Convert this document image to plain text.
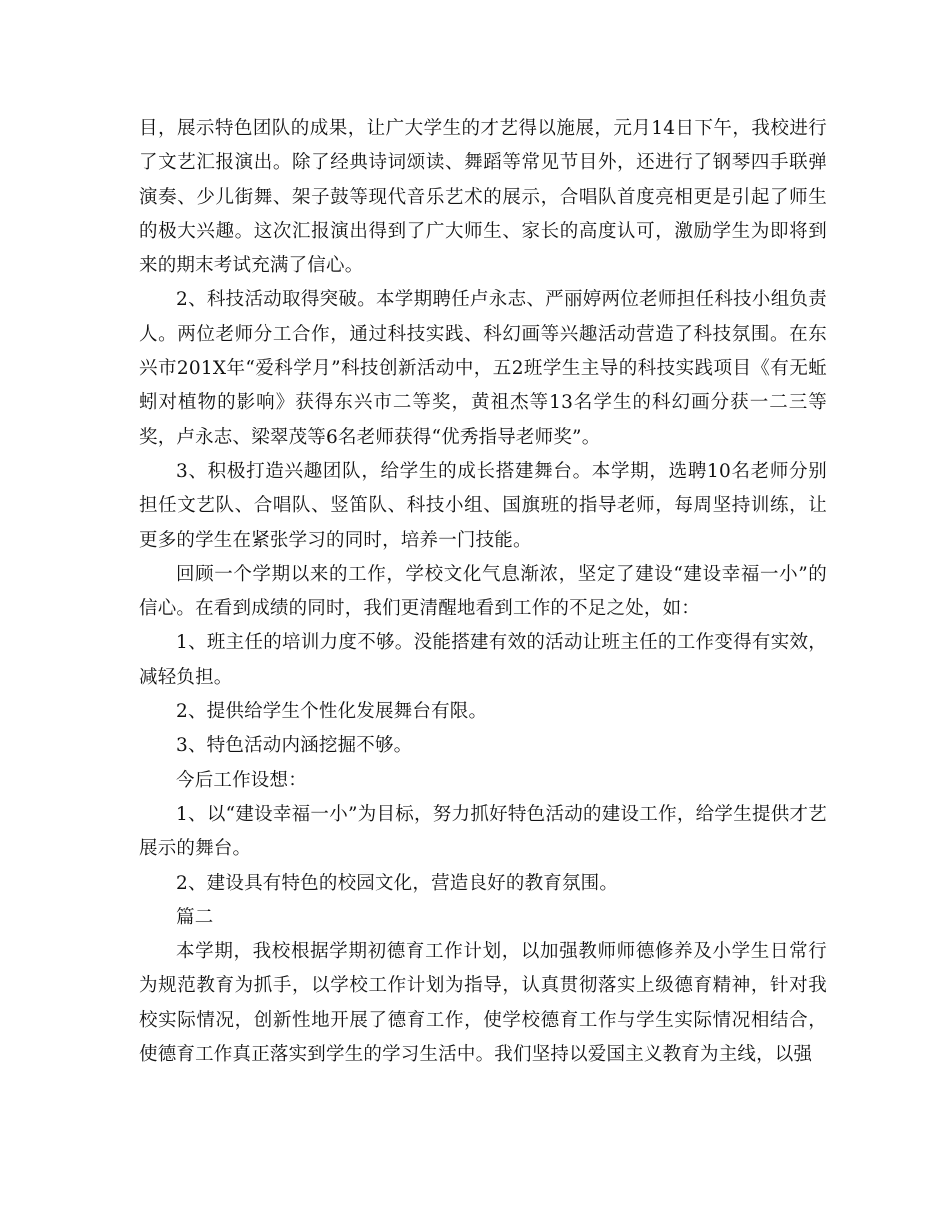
目，展示特色团队的成果，让广大学生的才艺得以施展，元月14日下午，我校进行了文艺汇报演出。除了经典诗词颂读、舞蹈等常见节目外，还进行了钢琴四手联弹演奏、少儿街舞、架子鼓等现代音乐艺术的展示，合唱队首度亮相更是引起了师生的极大兴趣。这次汇报演出得到了广大师生、家长的高度认可，激励学生为即将到来的期末考试充满了信心。

2、科技活动取得突破。本学期聘任卢永志、严丽婷两位老师担任科技小组负责人。两位老师分工合作，通过科技实践、科幻画等兴趣活动营造了科技氛围。在东兴市201X年“爱科学月”科技创新活动中，五2班学生主导的科技实践项目《有无蚯蚓对植物的影响》获得东兴市二等奖，黄祖杰等13名学生的科幻画分获一二三等奖，卢永志、梁翠茂等6名老师获得“优秀指导老师奖”。

3、积极打造兴趣团队，给学生的成长搭建舞台。本学期，选聘10名老师分别担任文艺队、合唱队、竖笛队、科技小组、国旗班的指导老师，每周坚持训练，让更多的学生在紧张学习的同时，培养一门技能。

回顾一个学期以来的工作，学校文化气息渐浓，坚定了建设“建设幸福一小”的信心。在看到成绩的同时，我们更清醒地看到工作的不足之处，如：

1、班主任的培训力度不够。没能搭建有效的活动让班主任的工作变得有实效，减轻负担。

2、提供给学生个性化发展舞台有限。

3、特色活动内涵挖掘不够。

今后工作设想：

1、以“建设幸福一小”为目标，努力抓好特色活动的建设工作，给学生提供才艺展示的舞台。

2、建设具有特色的校园文化，营造良好的教育氛围。

篇二

本学期，我校根据学期初德育工作计划，以加强教师师德修养及小学生日常行为规范教育为抓手，以学校工作计划为指导，认真贯彻落实上级德育精神，针对我校实际情况，创新性地开展了德育工作，使学校德育工作与学生实际情况相结合，使德育工作真正落实到学生的学习生活中。我们坚持以爱国主义教育为主线，以强
